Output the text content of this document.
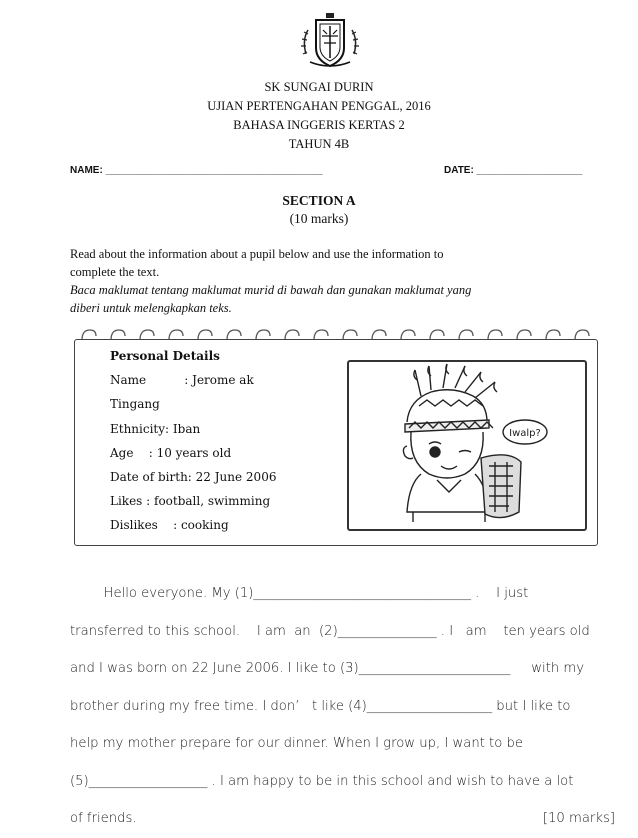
SK SUNGAI DURIN
UJIAN PERTENGAHAN PENGGAL, 2016
BAHASA INGGERIS KERTAS 2
TAHUN 4B
NAME: _______________________________________	DATE: ___________________
SECTION A
(10 marks)
Read about the information about a pupil below and use the information to
complete the text.
Baca maklumat tentang maklumat murid di bawah dan gunakan maklumat yang
diberi untuk melengkapkan teks.
Personal Details
Name          : Jerome ak
Tingang
Ethnicity: Iban
Age    : 10 years old
Date of birth: 22 June 2006
Likes : football, swimming
Dislikes    : cooking
Iwalp?

Hello everyone. My (1)_________________________________ .    I just

transferred to this school.    I am  an  (2)_______________ . I   am    ten years old

and I was born on 22 June 2006. I like to (3)_______________________     with my

brother during my free time. I don’   t like (4)___________________ but I like to

help my mother prepare for our dinner. When I grow up, I want to be

(5)__________________ . I am happy to be in this school and wish to have a lot

of friends.	[10 marks]
